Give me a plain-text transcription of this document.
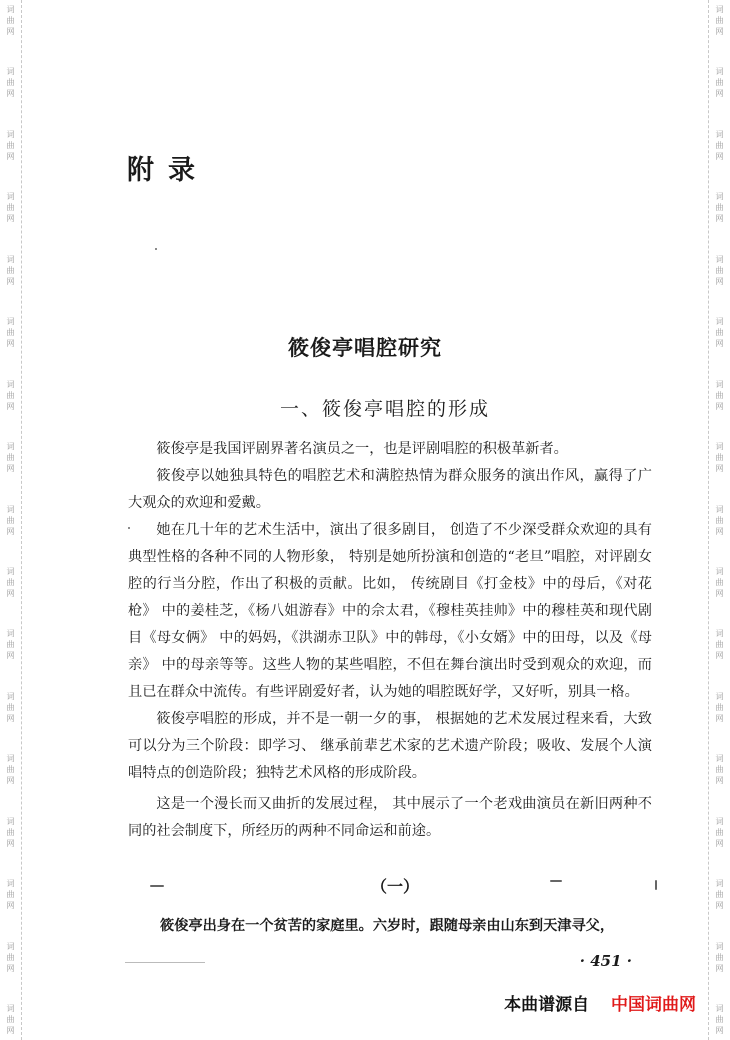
词
曲
网
词
曲
网
词
曲
网
词
曲
网
词
曲
网
词
曲
网
词
曲
网
词
曲
网
词
曲
网
词
曲
网
词
曲
网
词
曲
网
词
曲
网
词
曲
网
词
曲
网
词
曲
网
词
曲
网
词
曲
网
词
曲
网
词
曲
网
词
曲
网
词
曲
网
词
曲
网
词
曲
网
词
曲
网
词
曲
网
词
曲
网
词
曲
网
词
曲
网
词
曲
网
词
曲
网
词
曲
网
词
曲
网
词
曲
网
附录
筱俊亭唱腔研究
一、筱俊亭唱腔的形成

筱俊亭是我国评剧界著名演员之一，也是评剧唱腔的积极革新者。

筱俊亭以她独具特色的唱腔艺术和满腔热情为群众服务的演出作风，赢得了广大观众的欢迎和爱戴。

她在几十年的艺术生活中，演出了很多剧目， 创造了不少深受群众欢迎的具有典型性格的各种不同的人物形象， 特别是她所扮演和创造的“老旦”唱腔，对评剧女腔的行当分腔，作出了积极的贡献。比如， 传统剧目《打金枝》中的母后，《对花枪》 中的姜桂芝，《杨八姐游春》中的佘太君，《穆桂英挂帅》中的穆桂英和现代剧目《母女俩》 中的妈妈，《洪湖赤卫队》中的韩母，《小女婿》中的田母，以及《母亲》 中的母亲等等。这些人物的某些唱腔，不但在舞台演出时受到观众的欢迎，而且已在群众中流传。有些评剧爱好者，认为她的唱腔既好学，又好听，别具一格。

筱俊亭唱腔的形成，并不是一朝一夕的事， 根据她的艺术发展过程来看，大致可以分为三个阶段：即学习、 继承前辈艺术家的艺术遗产阶段；吸收、发展个人演唱特点的创造阶段；独特艺术风格的形成阶段。

这是一个漫长而又曲折的发展过程， 其中展示了一个老戏曲演员在新旧两种不同的社会制度下，所经历的两种不同命运和前途。

（一）
筱俊亭出身在一个贫苦的家庭里。六岁时，跟随母亲由山东到天津寻父，
· 451 ·
本曲谱源自 中国词曲网
